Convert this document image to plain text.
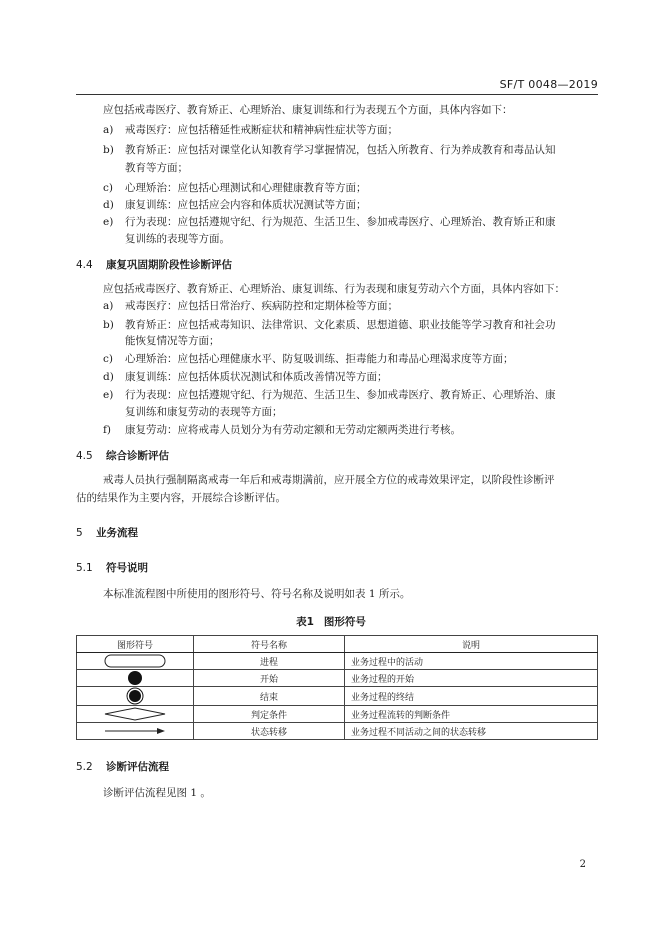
SF/T 0048—2019
应包括戒毒医疗、教育矫正、心理矫治、康复训练和行为表现五个方面，具体内容如下：
a) 戒毒医疗：应包括稽延性戒断症状和精神病性症状等方面；
b) 教育矫正：应包括对课堂化认知教育学习掌握情况，包括入所教育、行为养成教育和毒品认知
教育等方面；
c) 心理矫治：应包括心理测试和心理健康教育等方面；
d) 康复训练：应包括应会内容和体质状况测试等方面；
e) 行为表现：应包括遵规守纪、行为规范、生活卫生、参加戒毒医疗、心理矫治、教育矫正和康
复训练的表现等方面。
4.4 康复巩固期阶段性诊断评估
应包括戒毒医疗、教育矫正、心理矫治、康复训练、行为表现和康复劳动六个方面，具体内容如下：
a) 戒毒医疗：应包括日常治疗、疾病防控和定期体检等方面；
b) 教育矫正：应包括戒毒知识、法律常识、文化素质、思想道德、职业技能等学习教育和社会功
能恢复情况等方面；
c) 心理矫治：应包括心理健康水平、防复吸训练、拒毒能力和毒品心理渴求度等方面；
d) 康复训练：应包括体质状况测试和体质改善情况等方面；
e) 行为表现：应包括遵规守纪、行为规范、生活卫生、参加戒毒医疗、教育矫正、心理矫治、康
复训练和康复劳动的表现等方面；
f) 康复劳动：应将戒毒人员划分为有劳动定额和无劳动定额两类进行考核。
4.5 综合诊断评估
戒毒人员执行强制隔离戒毒一年后和戒毒期满前，应开展全方位的戒毒效果评定，以阶段性诊断评
估的结果作为主要内容，开展综合诊断评估。
5 业务流程
5.1 符号说明
本标准流程图中所使用的图形符号、符号名称及说明如表 1 所示。
表1 图形符号
图形符号	符号名称	说明

	进程	业务过程中的活动

	开始	业务过程的开始

	结束	业务过程的终结

	判定条件	业务过程流转的判断条件

	状态转移	业务过程不同活动之间的状态转移
5.2 诊断评估流程
诊断评估流程见图 1 。
2
